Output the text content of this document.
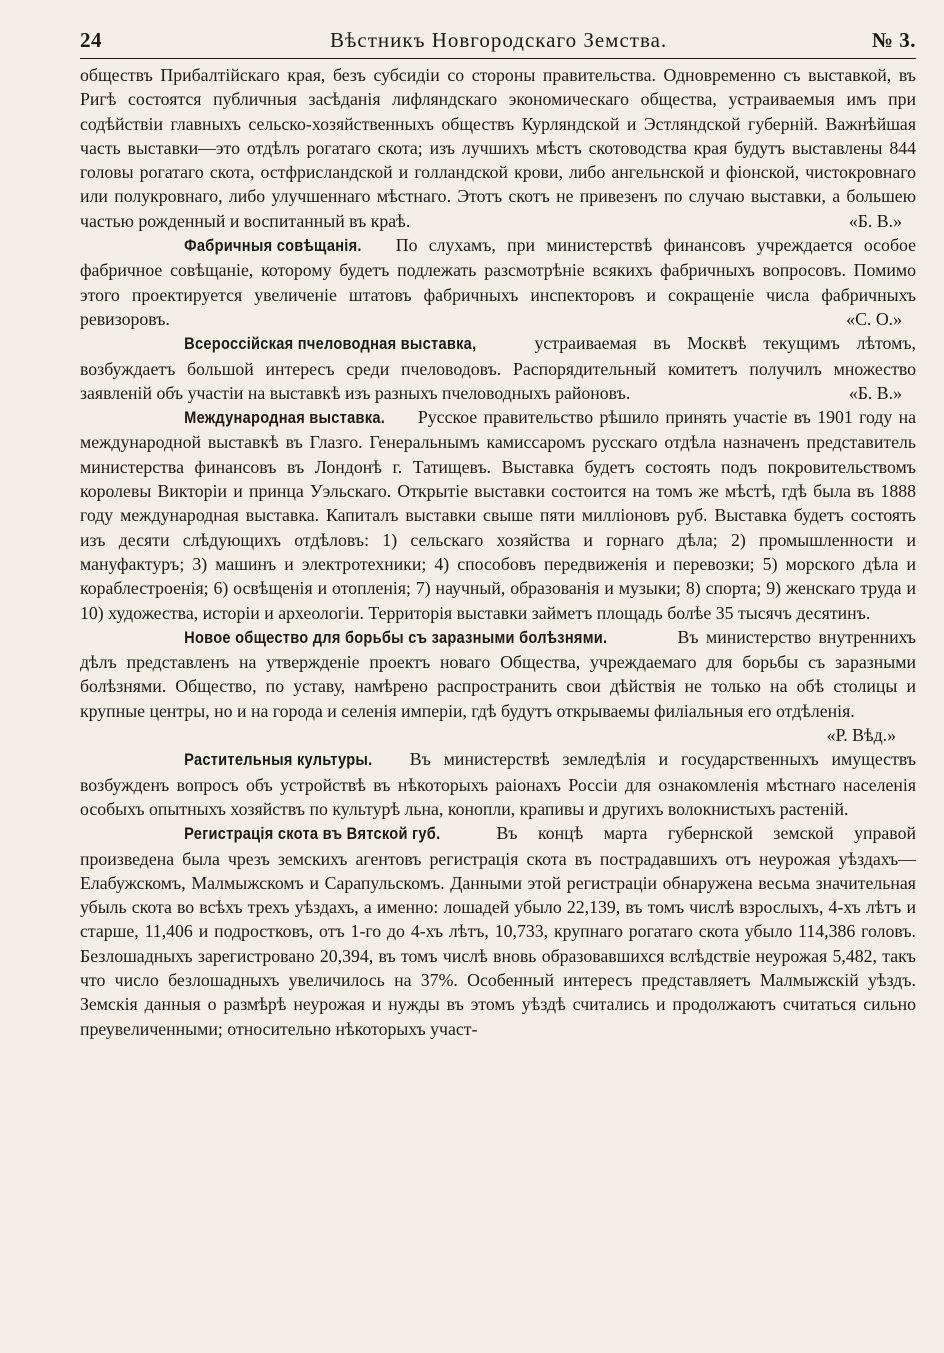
24	Вѣстникъ Новгородскаго Земства.	№ 3.

обществъ Прибалтійскаго края, безъ субсидіи со стороны правительства. Одновременно съ выставкой, въ Ригѣ состоятся публичныя засѣданія лифляндскаго экономическаго общества, устраиваемыя имъ при содѣйствіи главныхъ сельско-хозяйственныхъ обществъ Курляндской и Эстляндской губерній. Важнѣйшая часть выставки—это отдѣлъ рогатаго скота; изъ лучшихъ мѣстъ скотоводства края будутъ выставлены 844 головы рогатаго скота, остфрисландской и голландской крови, либо ангельнской и фіонской, чистокровнаго или полукровнаго, либо улучшеннаго мѣстнаго. Этотъ скотъ не привезенъ по случаю выставки, а большею частью рожденный и воспитанный въ краѣ.	«Б. В.»

Фабричныя совѣщанія. По слухамъ, при министерствѣ финансовъ учреждается особое фабричное совѣщаніе, которому будетъ подлежать разсмотрѣніе всякихъ фабричныхъ вопросовъ. Помимо этого проектируется увеличеніе штатовъ фабричныхъ инспекторовъ и сокращеніе числа фабричныхъ ревизоровъ.	«С. О.»

Всероссійская пчеловодная выставка,	устраиваемая въ Москвѣ текущимъ лѣтомъ, возбуждаетъ большой интересъ среди пчеловодовъ. Распорядительный комитетъ получилъ множество заявленій объ участіи на выставкѣ изъ разныхъ пчеловодныхъ районовъ.	«Б. В.»

Международная выставка. Русское правительство рѣшило принять участіе въ 1901 году на международной выставкѣ въ Глазго. Генеральнымъ камиссаромъ русскаго отдѣла назначенъ представитель министерства финансовъ въ Лондонѣ г. Татищевъ. Выставка будетъ состоять подъ покровительствомъ королевы Викторіи и принца Уэльскаго. Открытіе выставки состоится на томъ же мѣстѣ, гдѣ была въ 1888 году международная выставка. Капиталъ выставки свыше пяти милліоновъ руб. Выставка будетъ состоять изъ десяти слѣдующихъ отдѣловъ: 1) сельскаго хозяйства и горнаго дѣла; 2) промышленности и мануфактуръ; 3) машинъ и электротехники; 4) способовъ передвиженія и перевозки; 5) морского дѣла и кораблестроенія; 6) освѣщенія и отопленія; 7) научный, образованія и музыки; 8) спорта; 9) женскаго труда и 10) художества, исторіи и археологіи. Территорія выставки займетъ площадь болѣе 35 тысячъ десятинъ.

Новое общество для борьбы съ заразными болѣзнями.	Въ министерство внутреннихъ дѣлъ представленъ на утвержденіе проектъ новаго Общества, учреждаемаго для борьбы съ заразными болѣзнями. Общество, по уставу, намѣрено распространить свои дѣйствія не только на обѣ столицы и крупные центры, но и на города и селенія имперіи, гдѣ будутъ открываемы филіальныя его отдѣленія.
«Р. Вѣд.»

Растительныя культуры. Въ министерствѣ земледѣлія и государственныхъ имуществъ возбужденъ вопросъ объ устройствѣ въ нѣкоторыхъ раіонахъ Россіи для ознакомленія мѣстнаго населенія особыхъ опытныхъ хозяйствъ по культурѣ льна, конопли, крапивы и другихъ волокнистыхъ растеній.

Регистрація скота въ Вятской губ.	Въ концѣ марта губернской земской управой произведена была чрезъ земскихъ агентовъ регистрація скота въ пострадавшихъ отъ неурожая уѣздахъ—Елабужскомъ, Малмыжскомъ и Сарапульскомъ. Данными этой регистраціи обнаружена весьма значительная убыль скота во всѣхъ трехъ уѣздахъ, а именно: лошадей убыло 22,139, въ томъ числѣ взрослыхъ, 4-хъ лѣтъ и старше, 11,406 и подростковъ, отъ 1-го до 4-хъ лѣтъ, 10,733, крупнаго рогатаго скота убыло 114,386 головъ. Безлошадныхъ зарегистровано 20,394, въ томъ числѣ вновь образовавшихся вслѣдствіе неурожая 5,482, такъ что число безлошадныхъ увеличилось на 37%. Особенный интересъ представляетъ Малмыжскій уѣздъ. Земскія данныя о размѣрѣ неурожая и нужды въ этомъ уѣздѣ считались и продолжаютъ считаться сильно преувеличенными; относительно нѣкоторыхъ участ-
